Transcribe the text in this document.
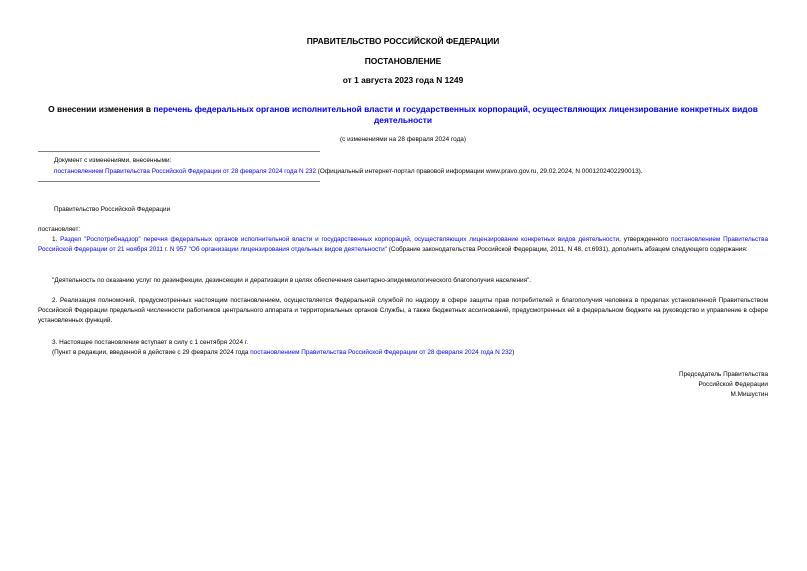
ПРАВИТЕЛЬСТВО РОССИЙСКОЙ ФЕДЕРАЦИИ
ПОСТАНОВЛЕНИЕ
от 1 августа 2023 года N 1249
О внесении изменения в перечень федеральных органов исполнительной власти и государственных корпораций, осуществляющих лицензирование конкретных видов деятельности
(с изменениями на 28 февраля 2024 года)
Документ с изменениями, внесенными:
постановлением Правительства Российской Федерации от 28 февраля 2024 года N 232 (Официальный интернет-портал правовой информации www.pravo.gov.ru, 29.02.2024, N 0001202402290013).
Правительство Российской Федерации
постановляет:
1. Раздел "Роспотребнадзор" перечня федеральных органов исполнительной власти и государственных корпораций, осуществляющих лицензирование конкретных видов деятельности, утвержденного постановлением Правительства Российской Федерации от 21 ноября 2011 г. N 957 "Об организации лицензирования отдельных видов деятельности" (Собрание законодательства Российской Федерации, 2011, N 48, ст.6931), дополнить абзацем следующего содержания:
"Деятельность по оказанию услуг по дезинфекции, дезинсекции и дератизации в целях обеспечения санитарно-эпидемиологического благополучия населения".
2. Реализация полномочий, предусмотренных настоящим постановлением, осуществляется Федеральной службой по надзору в сфере защиты прав потребителей и благополучия человека в пределах установленной Правительством Российской Федерации предельной численности работников центрального аппарата и территориальных органов Службы, а также бюджетных ассигнований, предусмотренных ей в федеральном бюджете на руководство и управление в сфере установленных функций.
3. Настоящее постановление вступает в силу с 1 сентября 2024 г.
(Пункт в редакции, введенной в действие с 29 февраля 2024 года постановлением Правительства Российской Федерации от 28 февраля 2024 года N 232)
Председатель Правительства
Российской Федерации
М.Мишустин
